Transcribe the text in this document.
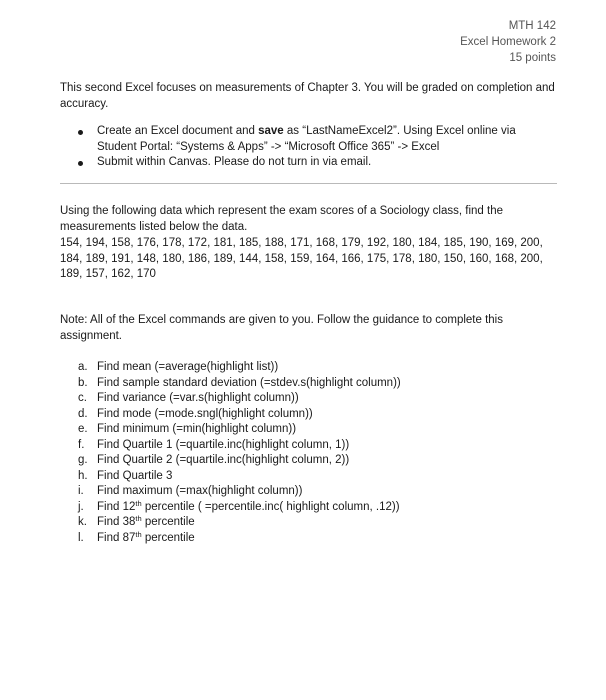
MTH 142
Excel Homework 2
15 points

This second Excel focuses on measurements of Chapter 3. You will be graded on completion and accuracy.

Create an Excel document and save as “LastNameExcel2”. Using Excel online via Student Portal: “Systems & Apps” -> “Microsoft Office 365” -> Excel
Submit within Canvas. Please do not turn in via email.

Using the following data which represent the exam scores of a Sociology class, find the measurements listed below the data.

154, 194, 158, 176, 178, 172, 181, 185, 188, 171, 168, 179, 192, 180, 184, 185, 190, 169, 200, 184, 189, 191, 148, 180, 186, 189, 144, 158, 159, 164, 166, 175, 178, 180, 150, 160, 168, 200, 189, 157, 162, 170

Note: All of the Excel commands are given to you. Follow the guidance to complete this assignment.

a. Find mean (=average(highlight list))
b. Find sample standard deviation (=stdev.s(highlight column))
c. Find variance (=var.s(highlight column))
d. Find mode (=mode.sngl(highlight column))
e. Find minimum (=min(highlight column))
f. Find Quartile 1 (=quartile.inc(highlight column, 1))
g. Find Quartile 2 (=quartile.inc(highlight column, 2))
h. Find Quartile 3
i. Find maximum (=max(highlight column))
j. Find 12th percentile ( =percentile.inc( highlight column, .12))
k. Find 38th percentile
l. Find 87th percentile
